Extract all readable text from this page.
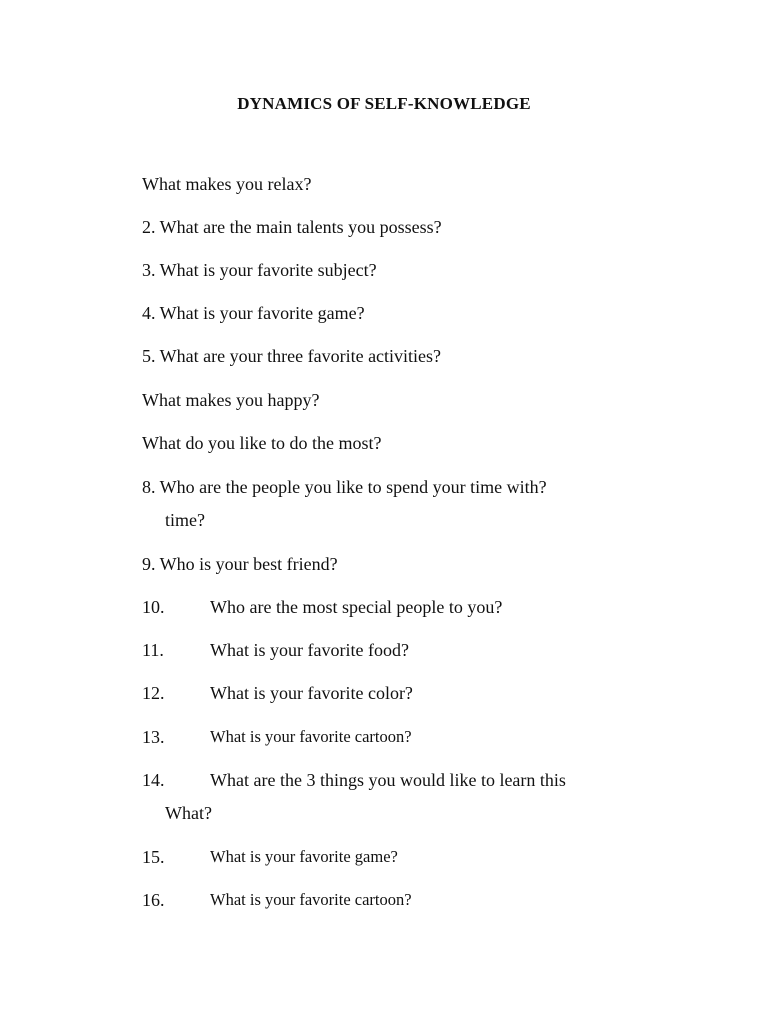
DYNAMICS OF SELF-KNOWLEDGE
What makes you relax?
2. What are the main talents you possess?
3. What is your favorite subject?
4. What is your favorite game?
5. What are your three favorite activities?
What makes you happy?
What do you like to do the most?
8. Who are the people you like to spend your time with?
time?
9. Who is your best friend?
10.	Who are the most special people to you?
11.	What is your favorite food?
12.	What is your favorite color?
13.	What is your favorite cartoon?
14.	What are the 3 things you would like to learn this
What?
15.	What is your favorite game?
16.	What is your favorite cartoon?
